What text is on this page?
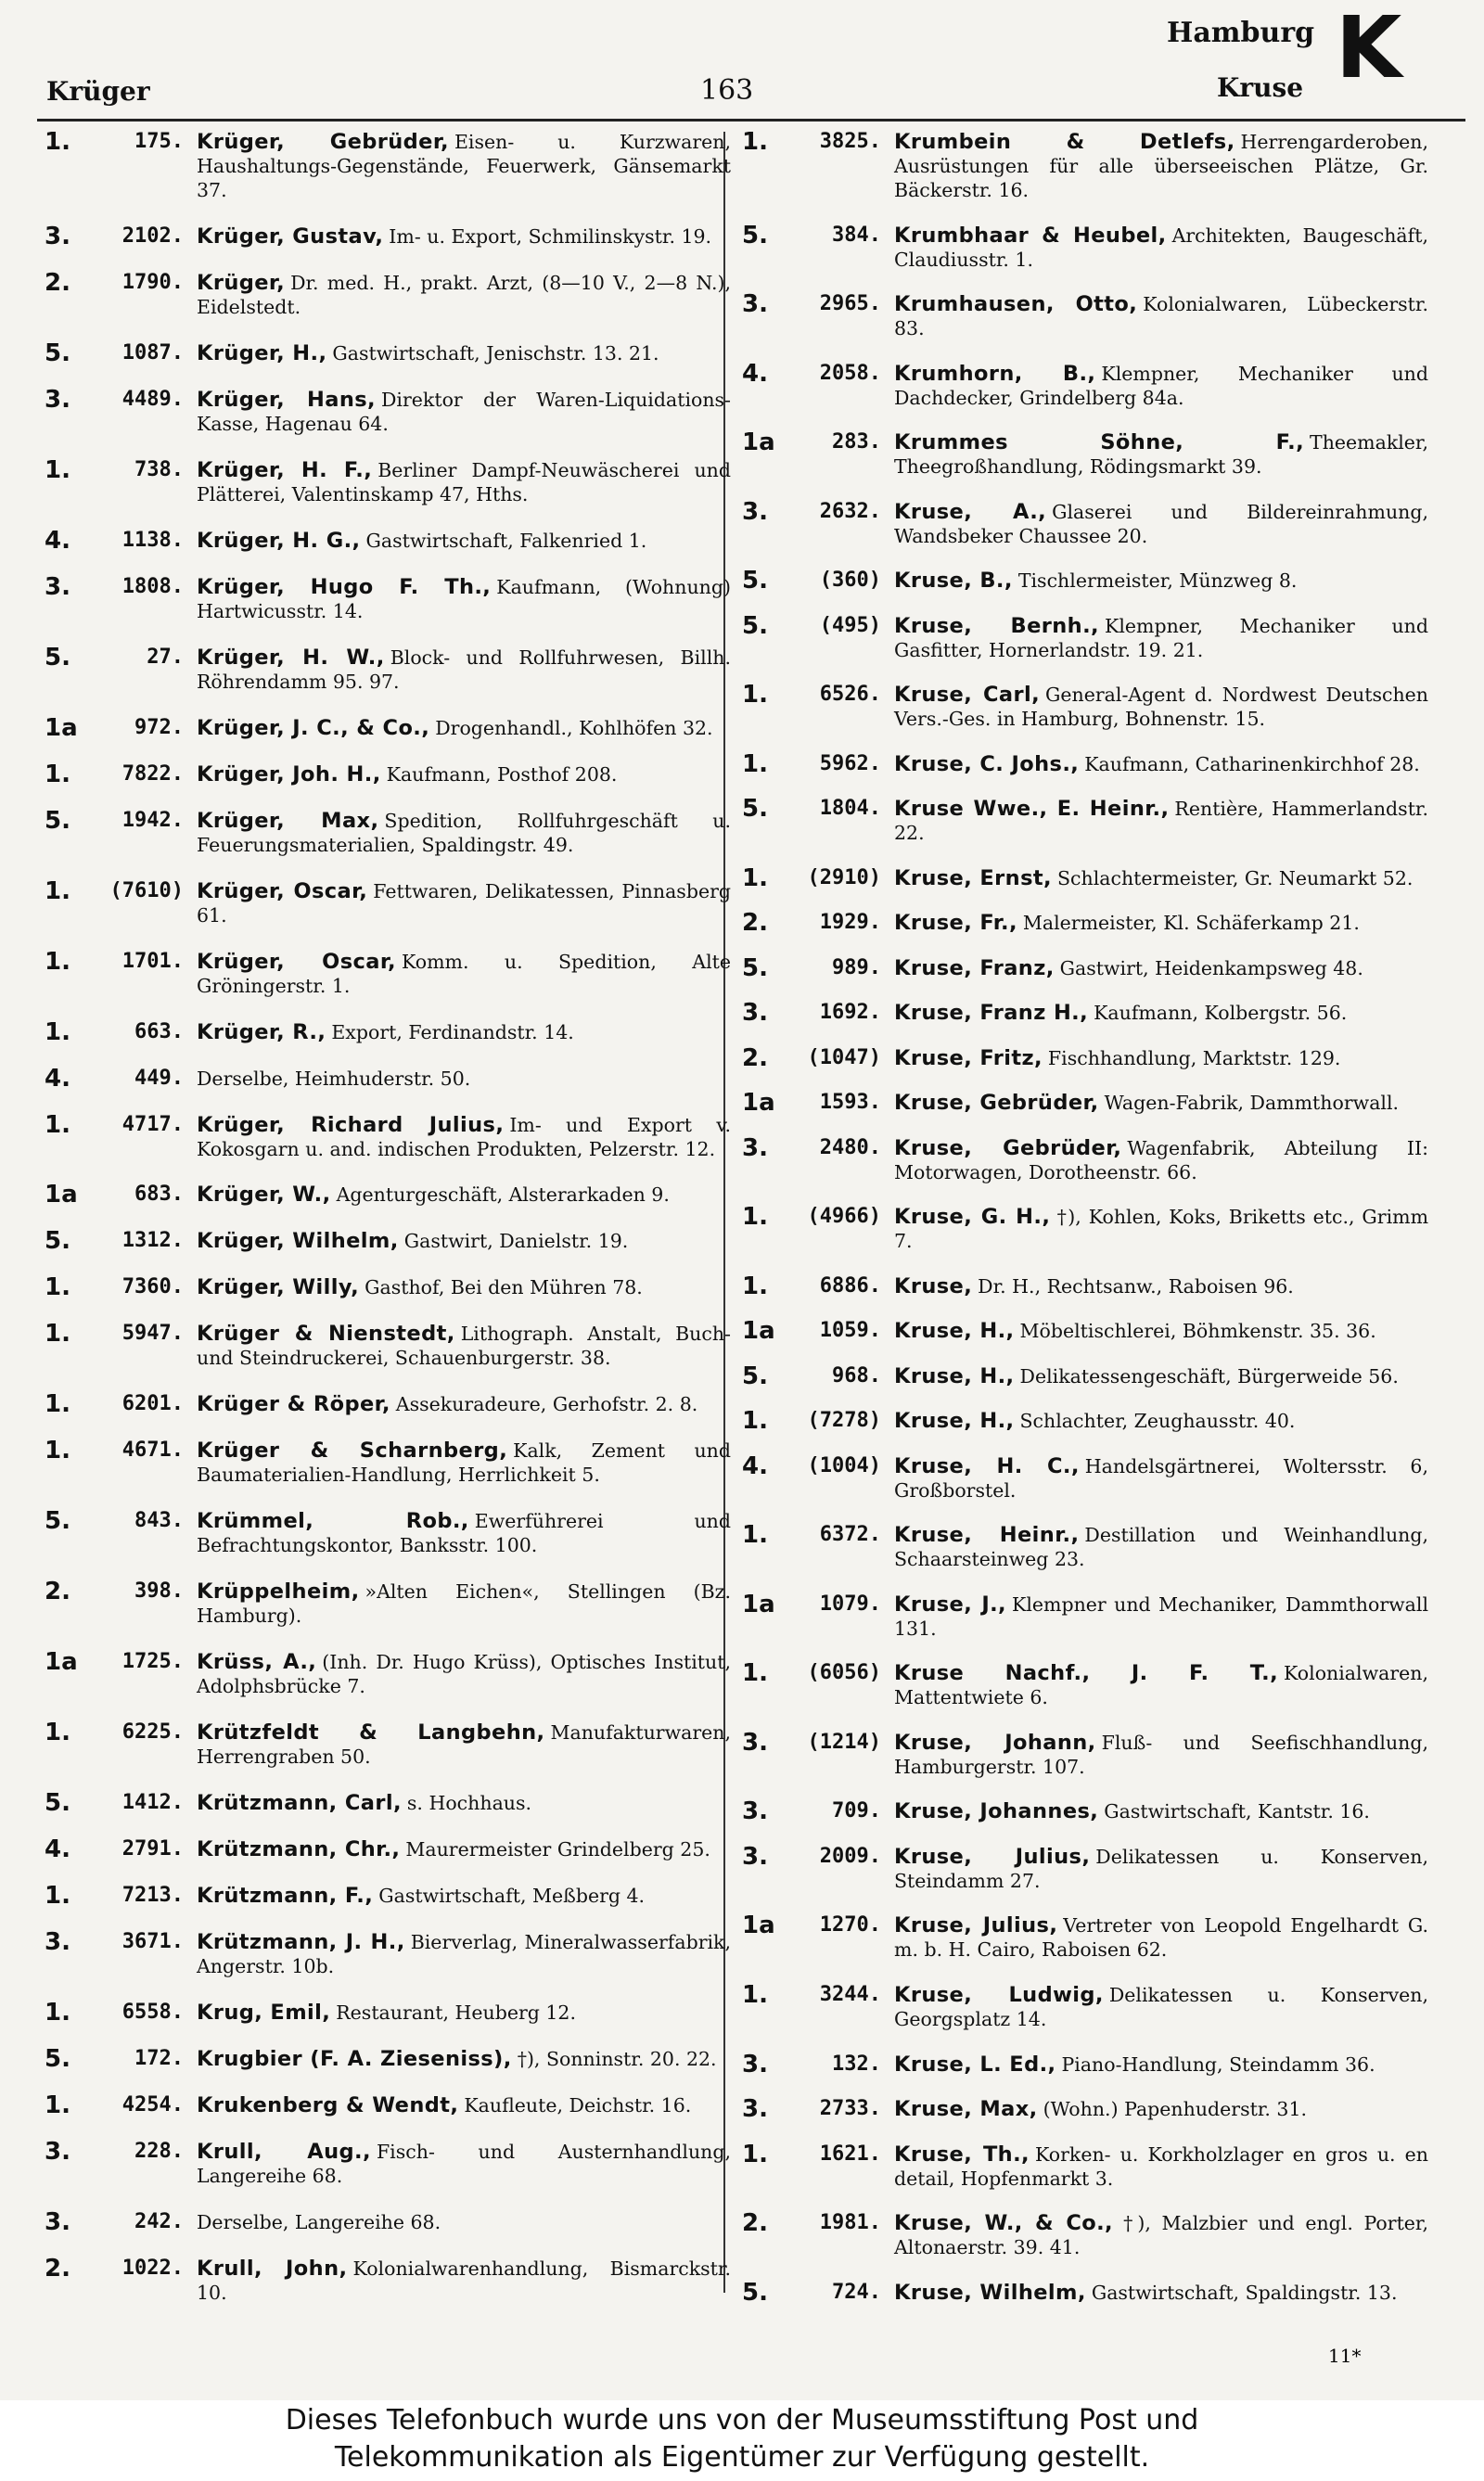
Krüger	163
Hamburg
Kruse K
1.	175. Krüger, Gebrüder, Eisen- u. Kurzwaren, Haushaltungs-Gegenstände, Feuerwerk, Gänsemarkt 37.
3.	2102. Krüger, Gustav, Im- u. Export, Schmilinskystr. 19.
2.	1790. Krüger, Dr. med. H., prakt. Arzt, (8—10 V., 2—8 N.), Eidelstedt.
5.	1087. Krüger, H., Gastwirtschaft, Jenischstr. 13. 21.
3.	4489. Krüger, Hans, Direktor der Waren-Liquidations-Kasse, Hagenau 64.
1.	738. Krüger, H. F., Berliner Dampf-Neuwäscherei und Plätterei, Valentinskamp 47, Hths.
4.	1138. Krüger, H. G., Gastwirtschaft, Falkenried 1.
3.	1808. Krüger, Hugo F. Th., Kaufmann, (Wohnung) Hartwicusstr. 14.
5.	27. Krüger, H. W., Block- und Rollfuhrwesen, Billh. Röhrendamm 95. 97.
1a	972. Krüger, J. C., & Co., Drogenhandl., Kohlhöfen 32.
1.	7822. Krüger, Joh. H., Kaufmann, Posthof 208.
5.	1942. Krüger, Max, Spedition, Rollfuhrgeschäft u. Feuerungsmaterialien, Spaldingstr. 49.
1.	(7610) Krüger, Oscar, Fettwaren, Delikatessen, Pinnasberg 61.
1.	1701. Krüger, Oscar, Komm. u. Spedition, Alte Gröningerstr. 1.
1.	663. Krüger, R., Export, Ferdinandstr. 14.
4.	449. Derselbe, Heimhuderstr. 50.
1.	4717. Krüger, Richard Julius, Im- und Export v. Kokosgarn u. and. indischen Produkten, Pelzerstr. 12.
1a	683. Krüger, W., Agenturgeschäft, Alsterarkaden 9.
5.	1312. Krüger, Wilhelm, Gastwirt, Danielstr. 19.
1.	7360. Krüger, Willy, Gasthof, Bei den Mühren 78.
1.	5947. Krüger & Nienstedt, Lithograph. Anstalt, Buch- und Steindruckerei, Schauenburgerstr. 38.
1.	6201. Krüger & Röper, Assekuradeure, Gerhofstr. 2. 8.
1.	4671. Krüger & Scharnberg, Kalk, Zement und Baumaterialien-Handlung, Herrlichkeit 5.
5.	843. Krümmel, Rob., Ewerführerei und Befrachtungskontor, Banksstr. 100.
2.	398. Krüppelheim, »Alten Eichen«, Stellingen (Bz. Hamburg).
1a	1725. Krüss, A., (Inh. Dr. Hugo Krüss), Optisches Institut, Adolphsbrücke 7.
1.	6225. Krützfeldt & Langbehn, Manufakturwaren, Herrengraben 50.
5.	1412. Krützmann, Carl, s. Hochhaus.
4.	2791. Krützmann, Chr., Maurermeister Grindelberg 25.
1.	7213. Krützmann, F., Gastwirtschaft, Meßberg 4.
3.	3671. Krützmann, J. H., Bierverlag, Mineralwasserfabrik, Angerstr. 10b.
1.	6558. Krug, Emil, Restaurant, Heuberg 12.
5.	172. Krugbier (F. A. Zieseniss), †), Sonninstr. 20. 22.
1.	4254. Krukenberg & Wendt, Kaufleute, Deichstr. 16.
3.	228. Krull, Aug., Fisch- und Austernhandlung, Langereihe 68.
3.	242. Derselbe, Langereihe 68.
2.	1022. Krull, John, Kolonialwarenhandlung, Bismarckstr. 10.
1.	3825. Krumbein & Detlefs, Herrengarderoben, Ausrüstungen für alle überseeischen Plätze, Gr. Bäckerstr. 16.
5.	384. Krumbhaar & Heubel, Architekten, Baugeschäft, Claudiusstr. 1.
3.	2965. Krumhausen, Otto, Kolonialwaren, Lübeckerstr. 83.
4.	2058. Krumhorn, B., Klempner, Mechaniker und Dachdecker, Grindelberg 84a.
1a	283. Krummes Söhne, F., Theemakler, Theegroßhandlung, Rödingsmarkt 39.
3.	2632. Kruse, A., Glaserei und Bildereinrahmung, Wandsbeker Chaussee 20.
5.	(360) Kruse, B., Tischlermeister, Münzweg 8.
5.	(495) Kruse, Bernh., Klempner, Mechaniker und Gasfitter, Hornerlandstr. 19. 21.
1.	6526. Kruse, Carl, General-Agent d. Nordwest Deutschen Vers.-Ges. in Hamburg, Bohnenstr. 15.
1.	5962. Kruse, C. Johs., Kaufmann, Catharinenkirchhof 28.
5.	1804. Kruse Wwe., E. Heinr., Rentière, Hammerlandstr. 22.
1.	(2910) Kruse, Ernst, Schlachtermeister, Gr. Neumarkt 52.
2.	1929. Kruse, Fr., Malermeister, Kl. Schäferkamp 21.
5.	989. Kruse, Franz, Gastwirt, Heidenkampsweg 48.
3.	1692. Kruse, Franz H., Kaufmann, Kolbergstr. 56.
2.	(1047) Kruse, Fritz, Fischhandlung, Marktstr. 129.
1a	1593. Kruse, Gebrüder, Wagen-Fabrik, Dammthorwall.
3.	2480. Kruse, Gebrüder, Wagenfabrik, Abteilung II: Motorwagen, Dorotheenstr. 66.
1.	(4966) Kruse, G. H., †), Kohlen, Koks, Briketts etc., Grimm 7.
1.	6886. Kruse, Dr. H., Rechtsanw., Raboisen 96.
1a	1059. Kruse, H., Möbeltischlerei, Böhmkenstr. 35. 36.
5.	968. Kruse, H., Delikatessengeschäft, Bürgerweide 56.
1.	(7278) Kruse, H., Schlachter, Zeughausstr. 40.
4.	(1004) Kruse, H. C., Handelsgärtnerei, Woltersstr. 6, Großborstel.
1.	6372. Kruse, Heinr., Destillation und Weinhandlung, Schaarsteinweg 23.
1a	1079. Kruse, J., Klempner und Mechaniker, Dammthorwall 131.
1.	(6056) Kruse Nachf., J. F. T., Kolonialwaren, Mattentwiete 6.
3.	(1214) Kruse, Johann, Fluß- und Seefischhandlung, Hamburgerstr. 107.
3.	709. Kruse, Johannes, Gastwirtschaft, Kantstr. 16.
3.	2009. Kruse, Julius, Delikatessen u. Konserven, Steindamm 27.
1a	1270. Kruse, Julius, Vertreter von Leopold Engelhardt G. m. b. H. Cairo, Raboisen 62.
1.	3244. Kruse, Ludwig, Delikatessen u. Konserven, Georgsplatz 14.
3.	132. Kruse, L. Ed., Piano-Handlung, Steindamm 36.
3.	2733. Kruse, Max, (Wohn.) Papenhuderstr. 31.
1.	1621. Kruse, Th., Korken- u. Korkholzlager en gros u. en detail, Hopfenmarkt 3.
2.	1981. Kruse, W., & Co., †), Malzbier und engl. Porter, Altonaerstr. 39. 41.
5.	724. Kruse, Wilhelm, Gastwirtschaft, Spaldingstr. 13.
11*
Dieses Telefonbuch wurde uns von der Museumsstiftung Post und
Telekommunikation als Eigentümer zur Verfügung gestellt.
